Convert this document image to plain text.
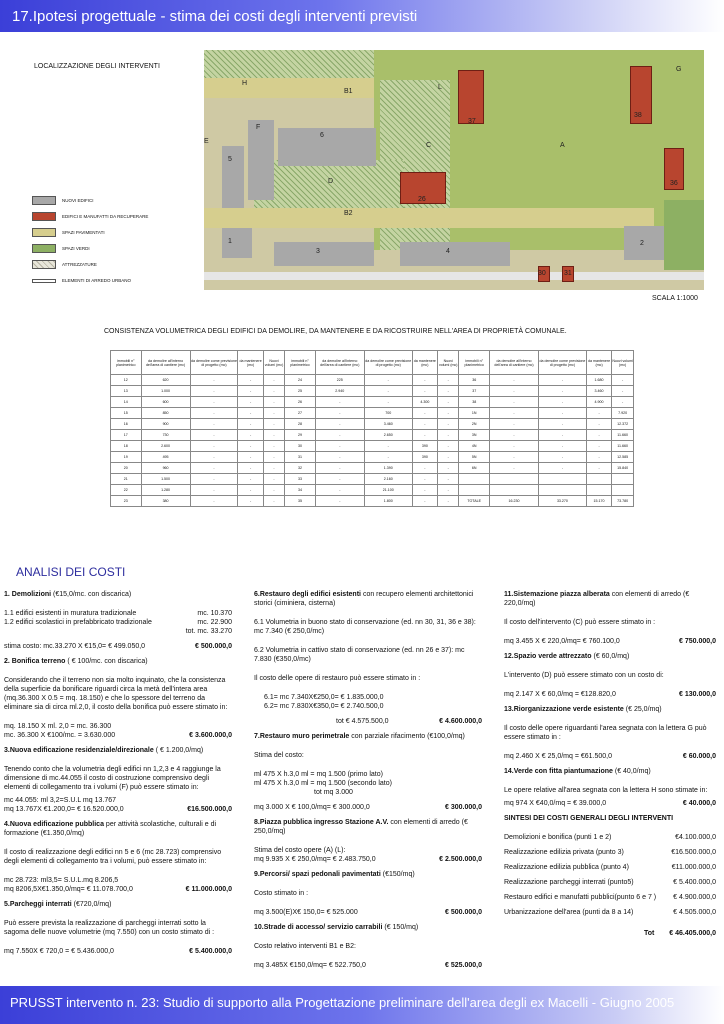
17.Ipotesi progettuale - stima dei costi degli interventi previsti
LOCALIZZAZIONE DEGLI INTERVENTI
H
B1
A
C
D
E
F
G
L
B2
1	2
3	4
5
6
26
30	31
36
37
38
NUOVI EDIFICI
EDIFICI E MANUFATTI DA RECUPERARE
SPAZI PAVIMENTATI
SPAZI VERDI
ATTREZZATURE
ELEMENTI DI ARREDO URBANO
SCALA 1:1000
CONSISTENZA VOLUMETRICA DEGLI EDIFICI DA DEMOLIRE, DA MANTENERE E DA RICOSTRUIRE NELL'AREA DI PROPRIETÀ COMUNALE.
immobili n° planimetrico	da demolire all'interno dell'area di cantiere (mc)	da demolire come previsione di progetto (mc)	da mantenere (mc)	Nuovi volumi (mc)	immobili n° planimetrico	da demolire all'interno dell'area di cantiere (mc)	da demolire come previsione di progetto (mc)	da mantenere (mc)	Nuovi volumi (mc)	immobili n° planimetrico	da demolire all'interno dell'area di cantiere (mc)	da demolire come previsione di progetto (mc)	da mantenere (mc)	Nuovi volumi (mc)
12	620	-	-	-	24	225	-	-	-	36	-	-	1.680	-
13	1.000	-	-	-	25	2.940	-	-	-	37	-	-	3.460	-
14	600	-	-	-	26	-	-	4.300	-	38	-	-	4.900	-
15	850	-	-	-	27	-	700	-	-	1N	-	-	-	7.920
16	900	-	-	-	28	-	3.460	-	-	2N	-	-	-	12.372
17	730	-	-	-	29	-	2.650	-	-	3N	-	-	-	11.660
18	2.600	-	-	-	30	-	-	390	-	4N	-	-	-	11.660
19	495	-	-	-	31	-	-	390	-	5N	-	-	-	12.585
20	960	-	-	-	32	-	1.390	-	-	6N	-	-	-	15.840
21	1.500	-	-	-	33	-	2.160	-	-					
22	1.280	-	-	-	34	-	21.100	-	-					
23	380	-	-	-	35	-	1.800	-	-	TOTALE	16.230	33.270	15.170	73.780
ANALISI DEI COSTI

1. Demolizioni (€15,0/mc. con discarica)

1.1 edifici esistenti in muratura tradizionale	mc. 10.370
1.2 edifici scolastici in prefabbricato tradizionale	mc. 22.900
tot. mc. 33.270
stima costo: mc.33.270 X €15,0= € 499.050,0	€ 500.000,0

2. Bonifica terreno ( € 100/mc. con discarica)

Considerando che il terreno non sia molto inquinato, che la consistenza della superficie da bonificare riguardi circa la metà dell'intera area (mq.36.300 X 0.5 = mq. 18.150) e che lo spessore del terreno da eliminare sia di circa ml.2,0, il costo della bonifica può essere stimato in:

mq. 18.150 X ml. 2,0 = mc. 36.300
mc. 36.300 X €100/mc. = 3.630.000	€ 3.600.000,0

3.Nuova edificazione residenziale/direzionale ( € 1.200,0/mq)

Tenendo conto che la volumetria degli edifici nn 1,2,3 e 4 raggiunge la dimensione di mc.44.055 il costo di costruzione comprensivo degli elementi di collegamento tra i volumi (F) può essere stimato in:

mc 44.055: ml 3,2=S.U.L mq 13.767
mq 13.767X €1.200,0= € 16.520.000,0	€16.500.000,0

4.Nuova edificazione pubblica per attività scolastiche, culturali e di formazione (€1.350,0/mq)

Il costo di realizzazione degli edifici nn 5 e 6 (mc 28.723) comprensivo degli elementi di collegamento tra i volumi, può essere stimato in:

mc 28.723: ml3,5= S.U.L.mq 8.206,5
mq 8206,5X€1.350,0/mq= € 11.078.700,0	€ 11.000.000,0

5.Parcheggi interrati (€720,0/mq)

Può essere prevista la realizzazione di parcheggi interrati sotto la sagoma delle nuove volumetrie (mq 7.550) con un costo stimato di :

mq 7.550X € 720,0 = € 5.436.000,0	€ 5.400.000,0

6.Restauro degli edifici esistenti con recupero elementi architettonici storici (ciminiera, cisterna)

6.1 Volumetria in buono stato di conservazione (ed. nn 30, 31, 36 e 38): mc 7.340 (€ 250,0/mc)

6.2 Volumetria in cattivo stato di conservazione (ed. nn 26 e 37): mc 7.830 (€350,0/mc)

Il costo delle opere di restauro può essere stimato in :

6.1= mc 7.340X€250,0= € 1.835.000,0
6.2= mc 7.830X€350,0= € 2.740.500,0
tot € 4.575.500,0	€ 4.600.000,0

7.Restauro muro perimetrale con parziale rifacimento (€100,0/mq)

Stima del costo:

ml 475 X h.3,0 ml = mq 1.500 (primo lato)
ml 475 X h.3,0 ml = mq 1.500 (secondo lato)
tot mq 3.000
mq 3.000 X € 100,0/mq= € 300.000,0	€ 300.000,0

8.Piazza pubblica ingresso Stazione A.V. con elementi di arredo (€ 250,0/mq)

Stima del costo opere (A) (L):
mq 9.935 X € 250,0/mq= € 2.483.750,0	€ 2.500.000,0

9.Percorsi/ spazi pedonali pavimentati (€150/mq)

Costo stimato in :

mq 3.500(E)X€ 150,0= € 525.000	€ 500.000,0

10.Strade di accesso/ servizio carrabili (€ 150/mq)

Costo relativo interventi B1 e B2:

mq 3.485X €150,0/mq= € 522.750,0	€ 525.000,0

11.Sistemazione piazza alberata con elementi di arredo (€ 220,0/mq)

Il costo dell'intervento (C) può essere stimato in :

mq 3.455 X € 220,0/mq= € 760.100,0	€ 750.000,0

12.Spazio verde attrezzato (€ 60,0/mq)

L'intervento (D) può essere stimato con un costo di:

mq 2.147 X € 60,0/mq = €128.820,0	€ 130.000,0

13.Riorganizzazione verde esistente (€ 25,0/mq)

Il costo delle opere riguardanti l'area segnata con la lettera G può essere stimato in :

mq 2.460 X € 25,0/mq = €61.500,0	€ 60.000,0

14.Verde con fitta piantumazione (€ 40,0/mq)

Le opere relative all'area segnata con la lettera H sono stimate in:

mq 974 X €40,0/mq = € 39.000,0	€ 40.000,0

SINTESI DEI COSTI GENERALI DEGLI INTERVENTI

Demolizioni e bonifica (punti 1 e 2)	€4.100.000,0
Realizzazione edilizia privata (punto 3)	€16.500.000,0
Realizzazione edilizia pubblica (punto 4)	€11.000.000,0
Realizzazione parcheggi interrati (punto5)	€ 5.400.000,0
Restauro edifici e manufatti pubblici(punto 6 e 7 ) € 4.900.000,0
Urbanizzazione dell'area (punti da 8 a 14)	€ 4.505.000,0
Tot € 46.405.000,0
PRUSST intervento n. 23: Studio di supporto alla Progettazione preliminare dell'area degli ex Macelli - Giugno 2005
